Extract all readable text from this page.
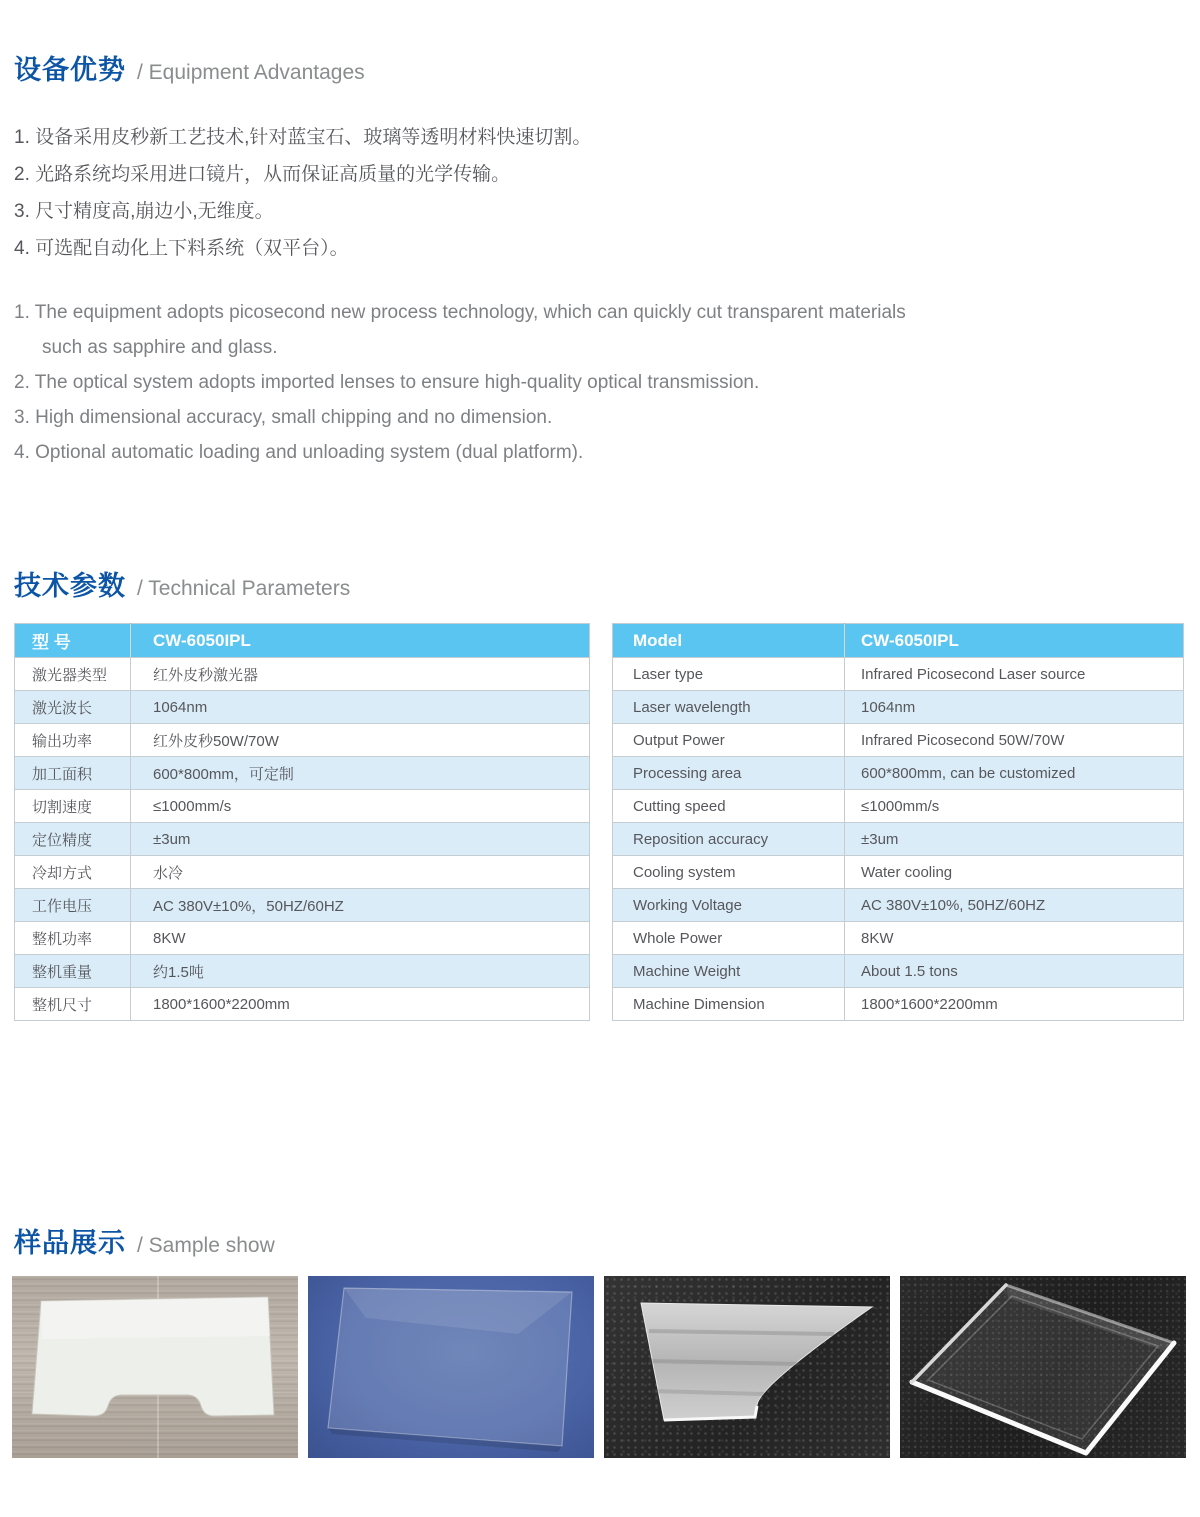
设备优势 / Equipment Advantages
1. 设备采用皮秒新工艺技术,针对蓝宝石、玻璃等透明材料快速切割。
2. 光路系统均采用进口镜片，从而保证高质量的光学传输。
3. 尺寸精度高,崩边小,无维度。
4. 可选配自动化上下料系统（双平台）。
1. The equipment adopts picosecond new process technology, which can quickly cut transparent materials such as sapphire and glass.
2. The optical system adopts imported lenses to ensure high-quality optical transmission.
3. High dimensional accuracy, small chipping and no dimension.
4. Optional automatic loading and unloading system (dual platform).
技术参数 / Technical Parameters
型 号	CW-6050IPL
激光器类型	红外皮秒激光器
激光波长	1064nm
输出功率	红外皮秒50W/70W
加工面积	600*800mm，可定制
切割速度	≤1000mm/s
定位精度	±3um
冷却方式	水冷
工作电压	AC 380V±10%，50HZ/60HZ
整机功率	8KW
整机重量	约1.5吨
整机尺寸	1800*1600*2200mm
Model	CW-6050IPL
Laser type	Infrared Picosecond Laser source
Laser wavelength	1064nm
Output Power	Infrared Picosecond 50W/70W
Processing area	600*800mm, can be customized
Cutting speed	≤1000mm/s
Reposition accuracy	±3um
Cooling system	Water cooling
Working Voltage	AC 380V±10%, 50HZ/60HZ
Whole Power	8KW
Machine Weight	About 1.5 tons
Machine Dimension	1800*1600*2200mm
样品展示 / Sample show
